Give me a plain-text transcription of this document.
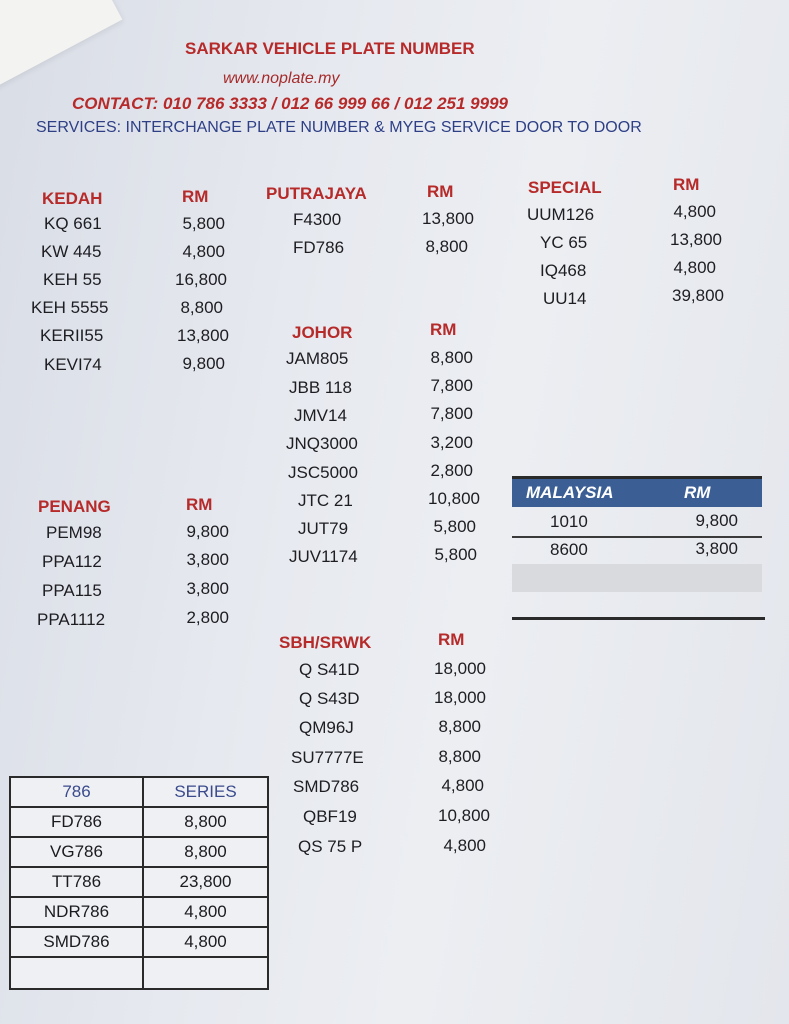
SARKAR VEHICLE PLATE NUMBER
www.noplate.my
CONTACT: 010 786 3333 / 012 66 999 66 / 012 251 9999
SERVICES: INTERCHANGE PLATE NUMBER & MYEG SERVICE DOOR TO DOOR
KEDAH	RM
KQ 661	5,800
KW 445	4,800
KEH 55	16,800
KEH 5555	8,800
KERII55	13,800
KEVI74	9,800
PUTRAJAYA	RM
F4300	13,800
FD786	8,800
SPECIAL	RM
UUM126	4,800
YC 65	13,800
IQ468	4,800
UU14	39,800
JOHOR	RM
JAM805	8,800
JBB 118	7,800
JMV14	7,800
JNQ3000	3,200
JSC5000	2,800
JTC 21	10,800
JUT79	5,800
JUV1174	5,800
PENANG	RM
PEM98	9,800
PPA112	3,800
PPA115	3,800
PPA1112	2,800
MALAYSIA	RM
1010	9,800
8600	3,800
SBH/SRWK	RM
Q S41D	18,000
Q S43D	18,000
QM96J	8,800
SU7777E	8,800
SMD786	4,800
QBF19	10,800
QS 75 P	4,800
786	SERIES
FD786	8,800
VG786	8,800
TT786	23,800
NDR786	4,800
SMD786	4,800
